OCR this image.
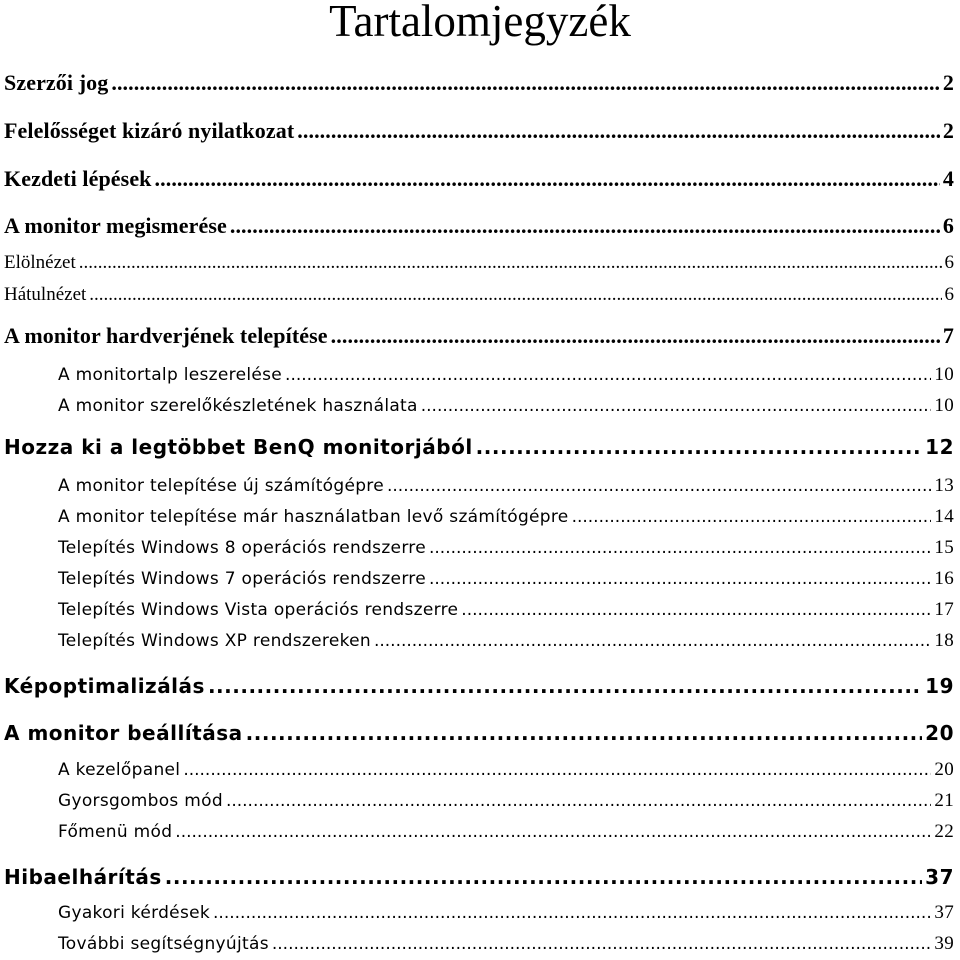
Tartalomjegyzék
Szerzői jog .....	2
Felelősséget kizáró nyilatkozat .....	2
Kezdeti lépések .....	4
A monitor megismerése .....	6
Elölnézet .....	6
Hátulnézet .....	6
A monitor hardverjének telepítése .....	7
A monitortalp leszerelése .....	10
A monitor szerelőkészletének használata .....	10
Hozza ki a legtöbbet BenQ monitorjából .....	12
A monitor telepítése új számítógépre .....	13
A monitor telepítése már használatban levő számítógépre .....	14
Telepítés Windows 8 operációs rendszerre .....	15
Telepítés Windows 7 operációs rendszerre .....	16
Telepítés Windows Vista operációs rendszerre .....	17
Telepítés Windows XP rendszereken .....	18
Képoptimalizálás .....	19
A monitor beállítása .....	20
A kezelőpanel .....	20
Gyorsgombos mód .....	21
Főmenü mód .....	22
Hibaelhárítás .....	37
Gyakori kérdések .....	37
További segítségnyújtás .....	39
